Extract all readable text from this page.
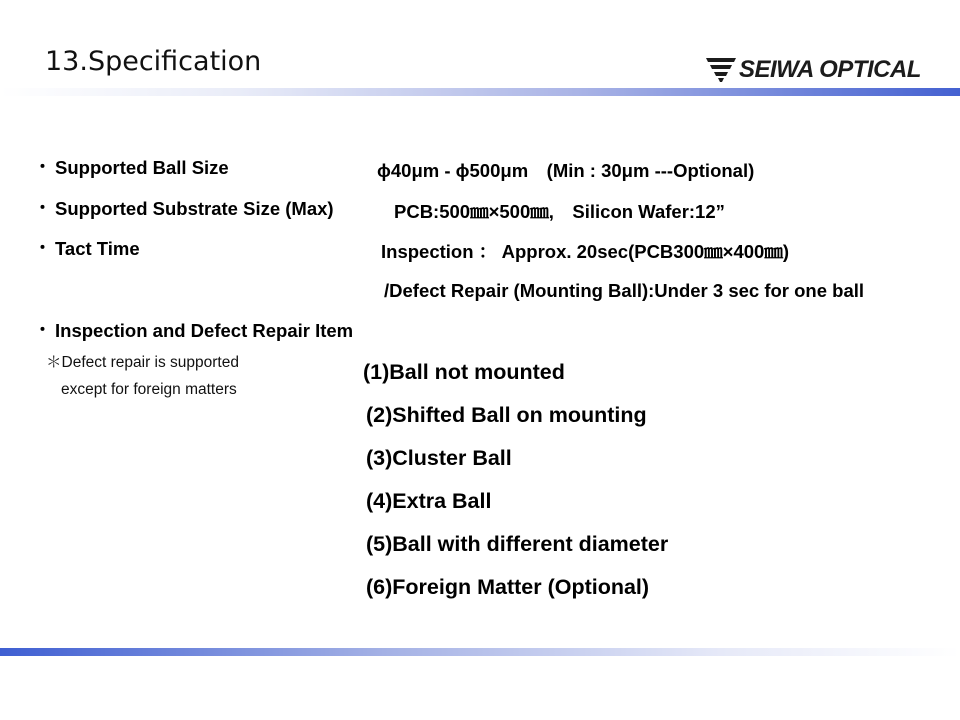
13.Specification	SEIWA OPTICAL
･ Supported Ball Size	ϕ40μm - ϕ500μm　(Min : 30μm ---Optional)
･ Supported Substrate Size (Max)	PCB:500㎜×500㎜,　Silicon Wafer:12”
･ Tact Time	Inspection ： Approx. 20sec(PCB300㎜×400㎜)
/Defect Repair (Mounting Ball):Under 3 sec for one ball
･ Inspection and Defect Repair Item
＊Defect repair is supported
except for foreign matters
(1)Ball not mounted
(2)Shifted Ball on mounting
(3)Cluster Ball
(4)Extra Ball
(5)Ball with different diameter
(6)Foreign Matter (Optional)
